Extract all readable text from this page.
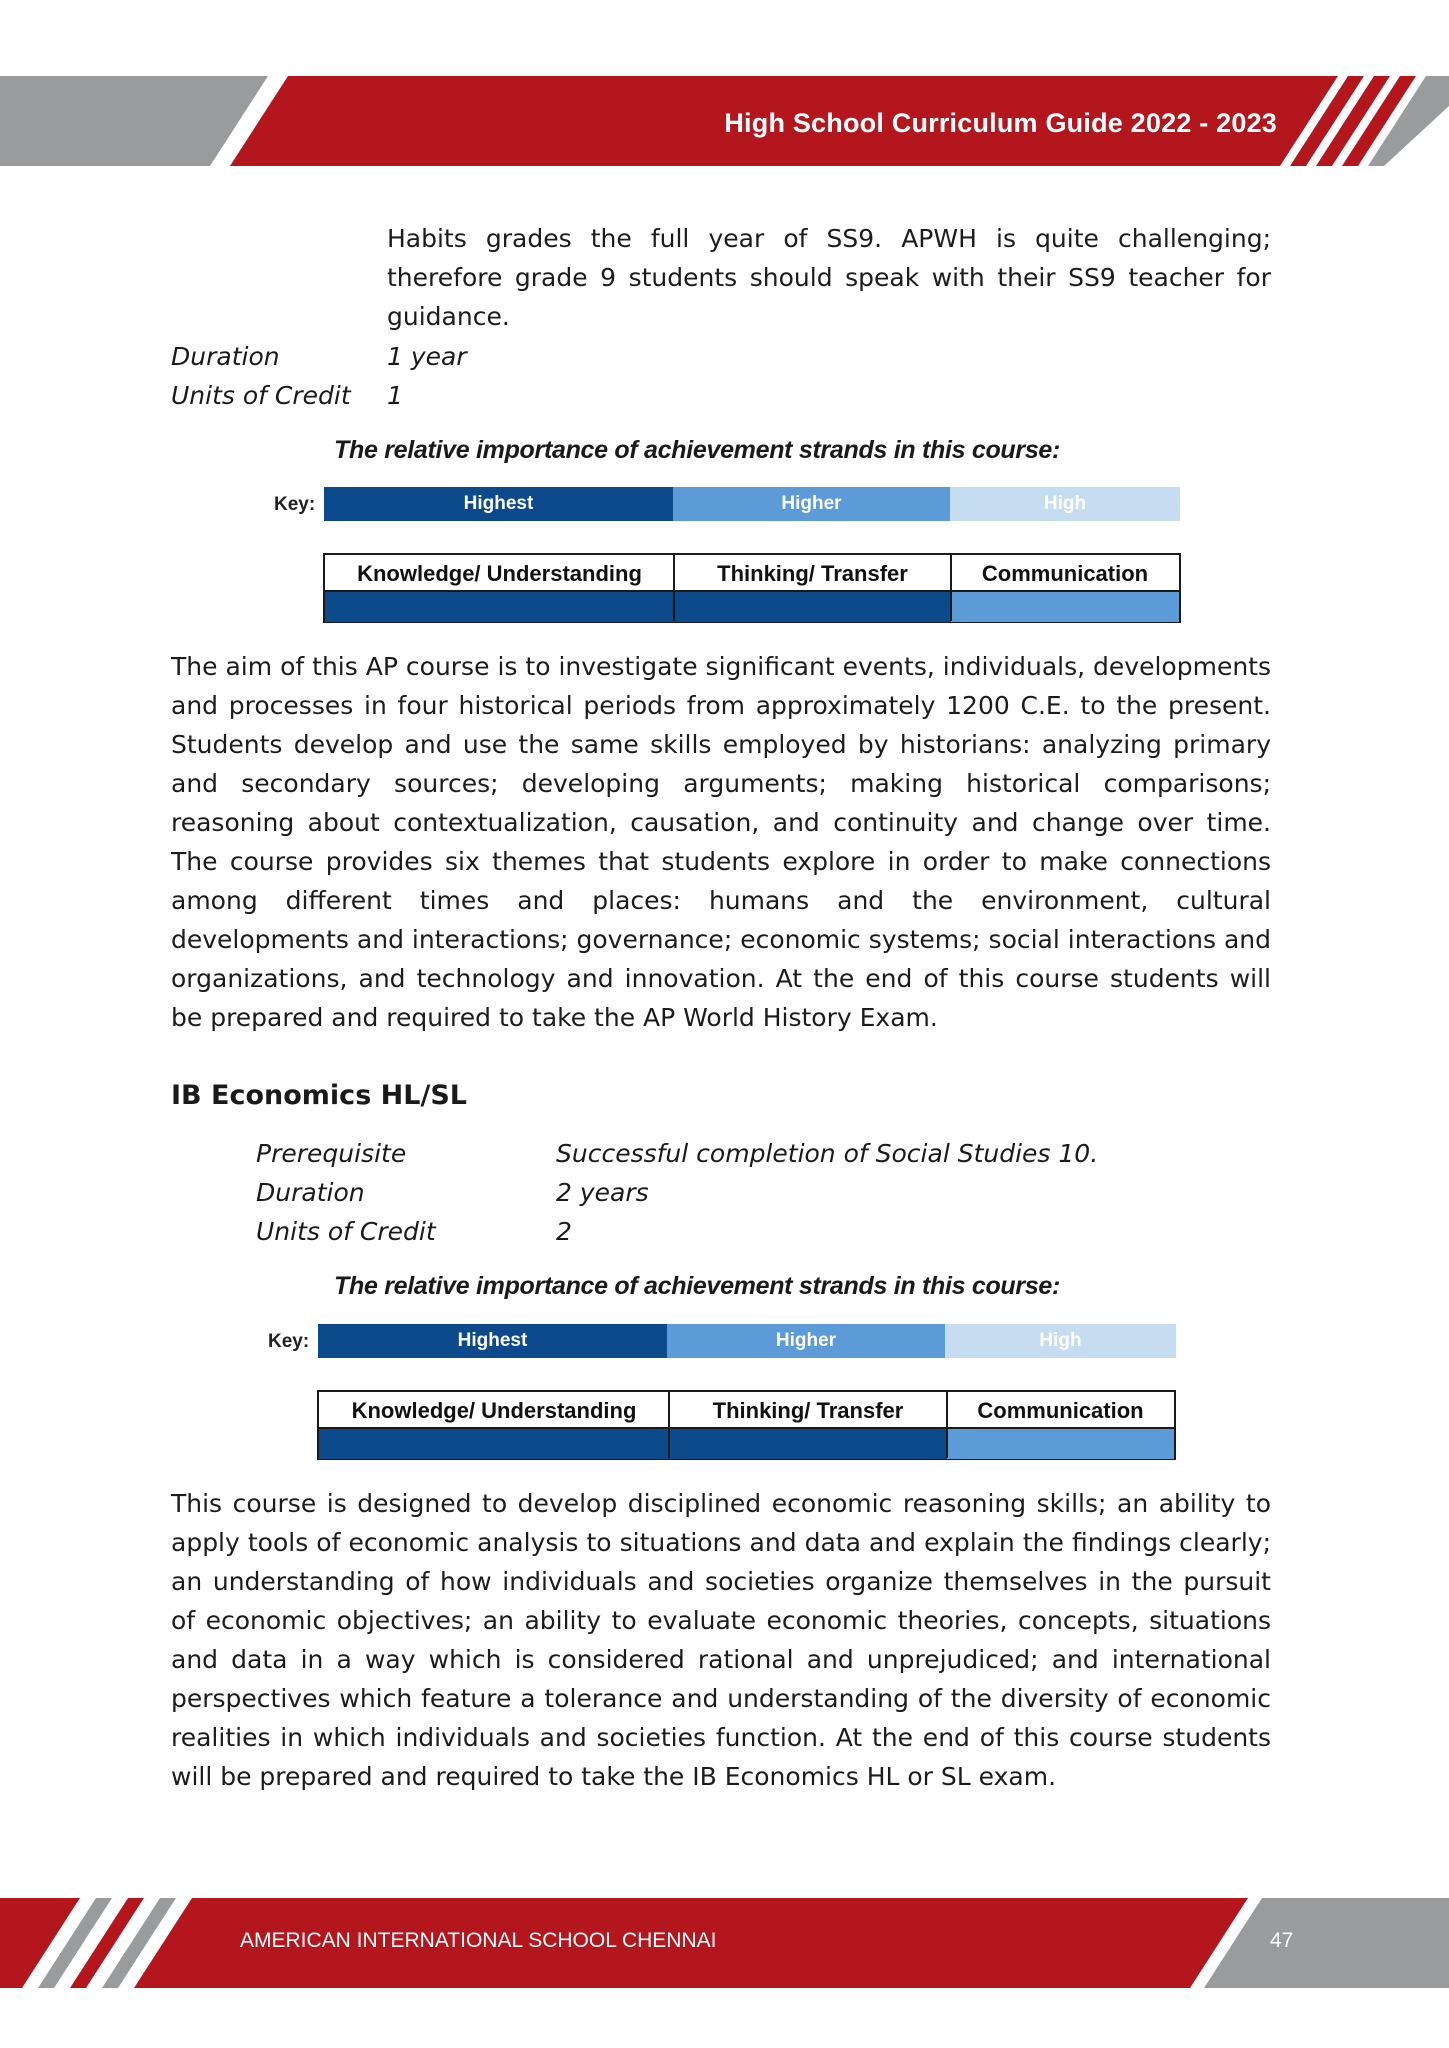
High School Curriculum Guide 2022 - 2023
Habits grades the full year of SS9. APWH is quite challenging;
therefore grade 9 students should speak with their SS9 teacher for
guidance.
Duration	1 year
Units of Credit 1
The relative importance of achievement strands in this course:
Key:	Highest	Higher	High
Knowledge/ Understanding	Thinking/ Transfer	Communication
The aim of this AP course is to investigate significant events, individuals, developments and processes in four historical periods from approximately 1200 C.E. to the present. Students develop and use the same skills employed by historians: analyzing primary and secondary sources; developing arguments; making historical comparisons; reasoning about contextualization, causation, and continuity and change over time. The course provides six themes that students explore in order to make connections among different times and places: humans and the environment, cultural developments and interactions; governance; economic systems; social interactions and organizations, and technology and innovation. At the end of this course students will be prepared and required to take the AP World History Exam.
IB Economics HL/SL
Prerequisite	Successful completion of Social Studies 10.
Duration	2 years
Units of Credit	2
The relative importance of achievement strands in this course:
Key:	Highest	Higher	High
Knowledge/ Understanding	Thinking/ Transfer	Communication
This course is designed to develop disciplined economic reasoning skills; an ability to apply tools of economic analysis to situations and data and explain the findings clearly; an understanding of how individuals and societies organize themselves in the pursuit of economic objectives; an ability to evaluate economic theories, concepts, situations and data in a way which is considered rational and unprejudiced; and international perspectives which feature a tolerance and understanding of the diversity of economic realities in which individuals and societies function. At the end of this course students will be prepared and required to take the IB Economics HL or SL exam.
AMERICAN INTERNATIONAL SCHOOL CHENNAI	47
